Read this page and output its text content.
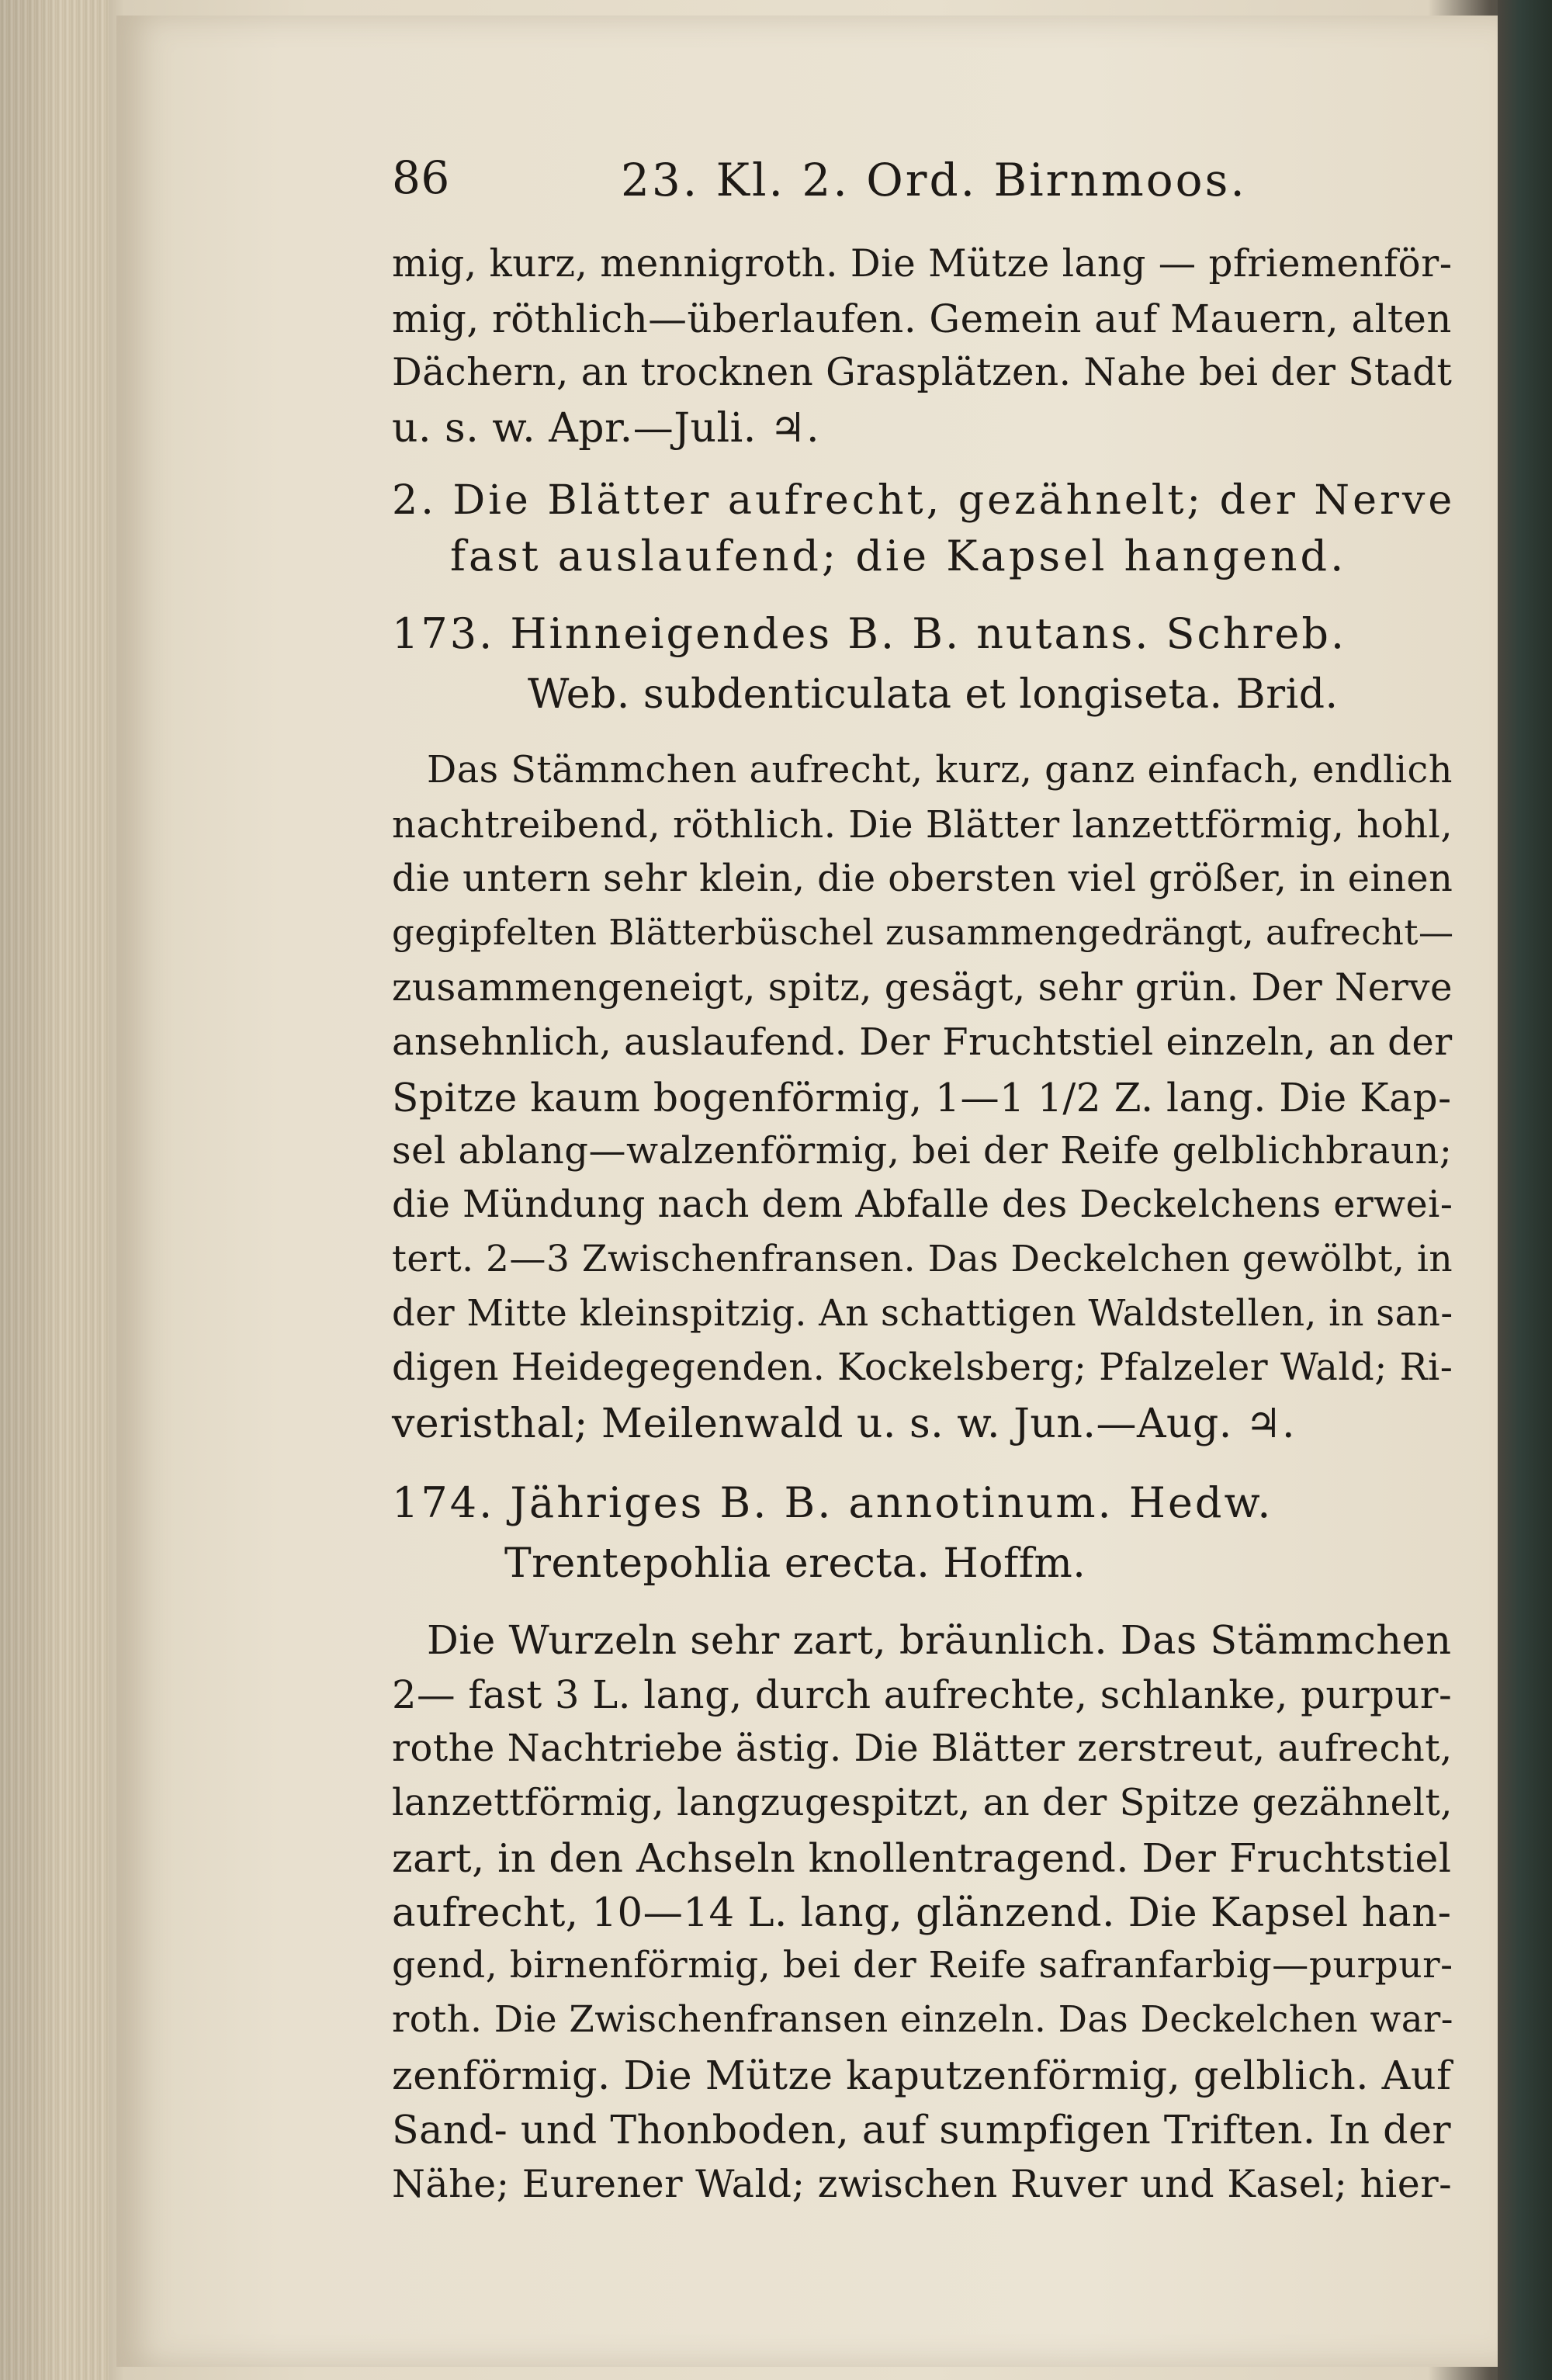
86	23. Kl. 2. Ord. Birnmoos.
mig, kurz, mennigroth. Die Mütze lang — pfriemenför-
mig, röthlich—überlaufen. Gemein auf Mauern, alten
Dächern, an trocknen Grasplätzen. Nahe bei der Stadt
u. s. w. Apr.—Juli. ♃.
2. Die Blätter aufrecht, gezähnelt; der Nerve
fast auslaufend; die Kapsel hangend.
173. Hinneigendes B. B. nutans. Schreb.
Web. subdenticulata et longiseta. Brid.
Das Stämmchen aufrecht, kurz, ganz einfach, endlich
nachtreibend, röthlich. Die Blätter lanzettförmig, hohl,
die untern sehr klein, die obersten viel größer, in einen
gegipfelten Blätterbüschel zusammengedrängt, aufrecht—
zusammengeneigt, spitz, gesägt, sehr grün. Der Nerve
ansehnlich, auslaufend. Der Fruchtstiel einzeln, an der
Spitze kaum bogenförmig, 1—1 1/2 Z. lang. Die Kap-
sel ablang—walzenförmig, bei der Reife gelblichbraun;
die Mündung nach dem Abfalle des Deckelchens erwei-
tert. 2—3 Zwischenfransen. Das Deckelchen gewölbt, in
der Mitte kleinspitzig. An schattigen Waldstellen, in san-
digen Heidegegenden. Kockelsberg; Pfalzeler Wald; Ri-
veristhal; Meilenwald u. s. w. Jun.—Aug. ♃.
174. Jähriges B. B. annotinum. Hedw.
Trentepohlia erecta. Hoffm.
Die Wurzeln sehr zart, bräunlich. Das Stämmchen
2— fast 3 L. lang, durch aufrechte, schlanke, purpur-
rothe Nachtriebe ästig. Die Blätter zerstreut, aufrecht,
lanzettförmig, langzugespitzt, an der Spitze gezähnelt,
zart, in den Achseln knollentragend. Der Fruchtstiel
aufrecht, 10—14 L. lang, glänzend. Die Kapsel han-
gend, birnenförmig, bei der Reife safranfarbig—purpur-
roth. Die Zwischenfransen einzeln. Das Deckelchen war-
zenförmig. Die Mütze kaputzenförmig, gelblich. Auf
Sand- und Thonboden, auf sumpfigen Triften. In der
Nähe; Eurener Wald; zwischen Ruver und Kasel; hier-
